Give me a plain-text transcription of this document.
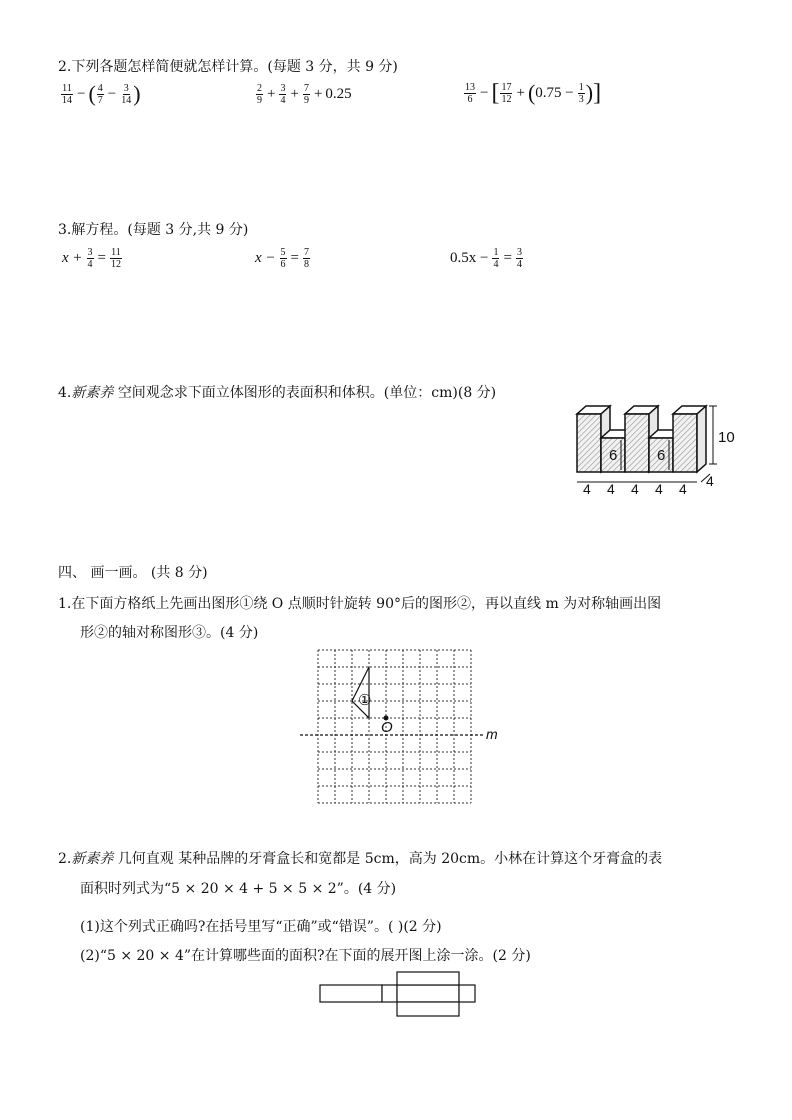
2.下列各题怎样简便就怎样计算。(每题 3 分，共 9 分)
$\frac{11}{14}$ − ( $\frac{4}{7} - \frac{3}{14}$ )	$\frac{2}{9} + \frac{3}{4} + \frac{7}{9} + 0.25$	$\frac{13}{6}$ − [ $\frac{17}{12}$ + ( $0.75 - \frac{1}{3}$ ) ]
3.解方程。(每题 3 分,共 9 分)
$x + \frac{3}{4} = \frac{11}{12}$	$x - \frac{5}{6} = \frac{7}{8}$	$0.5x - \frac{1}{4} = \frac{3}{4}$
4.新素养 空间观念求下面立体图形的表面积和体积。(单位：cm)(8 分)
10
6	6
4
4 4 4 4 4
四、 画一画。 (共 8 分)
1.在下面方格纸上先画出图形①绕 O 点顺时针旋转 90°后的图形②，再以直线 m 为对称轴画出图
形②的轴对称图形③。(4 分)
①
O	m
2.新素养 几何直观 某种品牌的牙膏盒长和宽都是 5cm，高为 20cm。小林在计算这个牙膏盒的表
面积时列式为“5 × 20 × 4 + 5 × 5 × 2”。(4 分)
(1)这个列式正确吗?在括号里写“正确”或“错误”。( )(2 分)
(2)“5 × 20 × 4”在计算哪些面的面积?在下面的展开图上涂一涂。(2 分)
